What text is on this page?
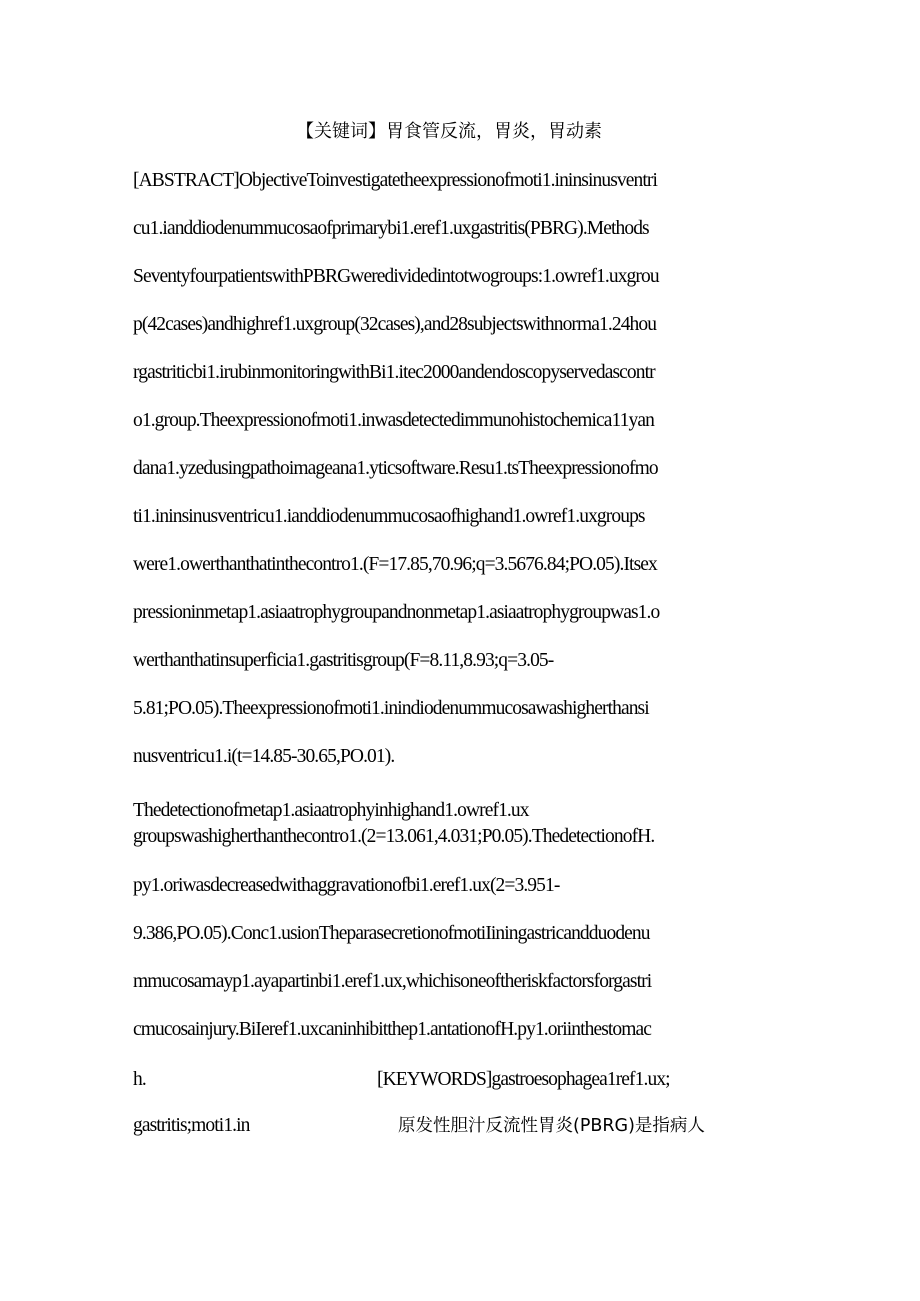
【关键词】胃食管反流，胃炎，胃动素
[ABSTRACT]ObjectiveToinvestigatetheexpressionofmoti1.ininsinusventri
cu1.ianddiodenummucosaofprimarybi1.eref1.uxgastritis(PBRG).Methods
SeventyfourpatientswithPBRGweredividedintotwogroups:1.owref1.uxgrou
p(42cases)andhighref1.uxgroup(32cases),and28subjectswithnorma1.24hou
rgastriticbi1.irubinmonitoringwithBi1.itec2000andendoscopyservedascontr
o1.group.Theexpressionofmoti1.inwasdetectedimmunohistochemica11yan
dana1.yzedusingpathoimageana1.yticsoftware.Resu1.tsTheexpressionofmo
ti1.ininsinusventricu1.ianddiodenummucosaofhighand1.owref1.uxgroups
were1.owerthanthatinthecontro1.(F=17.85,70.96;q=3.5676.84;PO.05).Itsex
pressioninmetap1.asiaatrophygroupandnonmetap1.asiaatrophygroupwas1.o
werthanthatinsuperficia1.gastritisgroup(F=8.11,8.93;q=3.05-
5.81;PO.05).Theexpressionofmoti1.inindiodenummucosawashigherthansi
nusventricu1.i(t=14.85-30.65,PO.01).
Thedetectionofmetap1.asiaatrophyinhighand1.owref1.ux
groupswashigherthanthecontro1.(2=13.061,4.031;P0.05).ThedetectionofH.
py1.oriwasdecreasedwithaggravationofbi1.eref1.ux(2=3.951-
9.386,PO.05).Conc1.usionTheparasecretionofmotiIiningastricandduodenu
mmucosamayp1.ayapartinbi1.eref1.ux,whichisoneoftheriskfactorsforgastri
cmucosainjury.BiIeref1.uxcaninhibitthep1.antationofH.py1.oriinthestomac
h.	[KEYWORDS]gastroesophagea1ref1.ux;
gastritis;moti1.in	原发性胆汁反流性胃炎(PBRG)是指病人
